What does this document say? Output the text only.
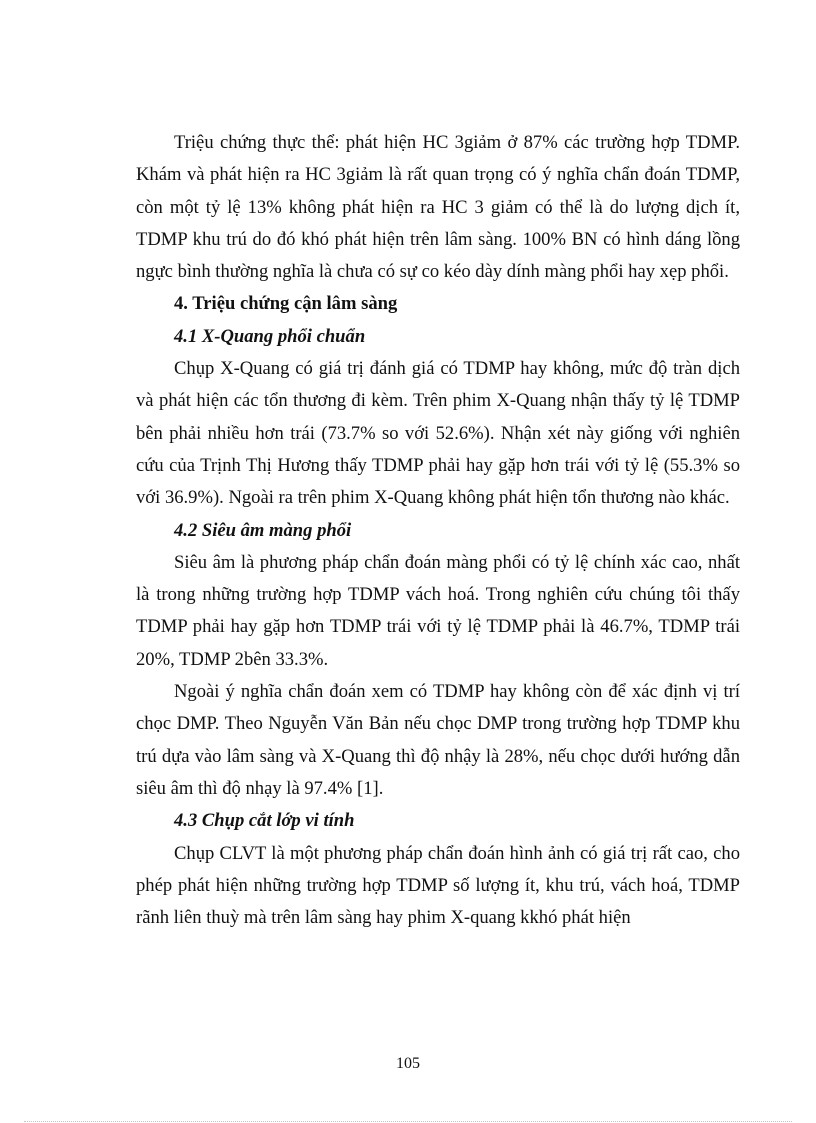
Triệu chứng thực thể: phát hiện HC 3giảm ở 87% các trường hợp TDMP. Khám và phát hiện ra HC 3giảm là rất quan trọng có ý nghĩa chẩn đoán TDMP, còn một tỷ lệ 13% không phát hiện ra HC 3 giảm có thể là do lượng dịch ít, TDMP khu trú do đó khó phát hiện trên lâm sàng. 100% BN có hình dáng lồng ngực bình thường nghĩa là chưa có sự co kéo dày dính màng phổi hay xẹp phổi.

4. Triệu chứng cận lâm sàng
4.1 X-Quang phổi chuẩn

Chụp X-Quang có giá trị đánh giá có TDMP hay không, mức độ tràn dịch và phát hiện các tổn thương đi kèm. Trên phim X-Quang nhận thấy tỷ lệ TDMP bên phải nhiều hơn trái (73.7% so với 52.6%). Nhận xét này giống với nghiên cứu của Trịnh Thị Hương thấy TDMP phải hay gặp hơn trái với tỷ lệ (55.3% so với 36.9%). Ngoài ra trên phim X-Quang không phát hiện tổn thương nào khác.

4.2 Siêu âm màng phổi

Siêu âm là phương pháp chẩn đoán màng phổi có tỷ lệ chính xác cao, nhất là trong những trường hợp TDMP vách hoá. Trong nghiên cứu chúng tôi thấy TDMP phải hay gặp hơn TDMP trái với tỷ lệ TDMP phải là 46.7%, TDMP trái 20%, TDMP 2bên 33.3%.

Ngoài ý nghĩa chẩn đoán xem có TDMP hay không còn để xác định vị trí chọc DMP. Theo Nguyễn Văn Bản nếu chọc DMP trong trường hợp TDMP khu trú dựa vào lâm sàng và X-Quang thì độ nhậy là 28%, nếu chọc dưới hướng dẫn siêu âm thì độ nhạy là 97.4% [1].

4.3 Chụp cắt lớp vi tính

Chụp CLVT là một phương pháp chẩn đoán hình ảnh có giá trị rất cao, cho phép phát hiện những trường hợp TDMP số lượng ít, khu trú, vách hoá, TDMP rãnh liên thuỳ mà trên lâm sàng hay phim X-quang kkhó phát hiện

105
